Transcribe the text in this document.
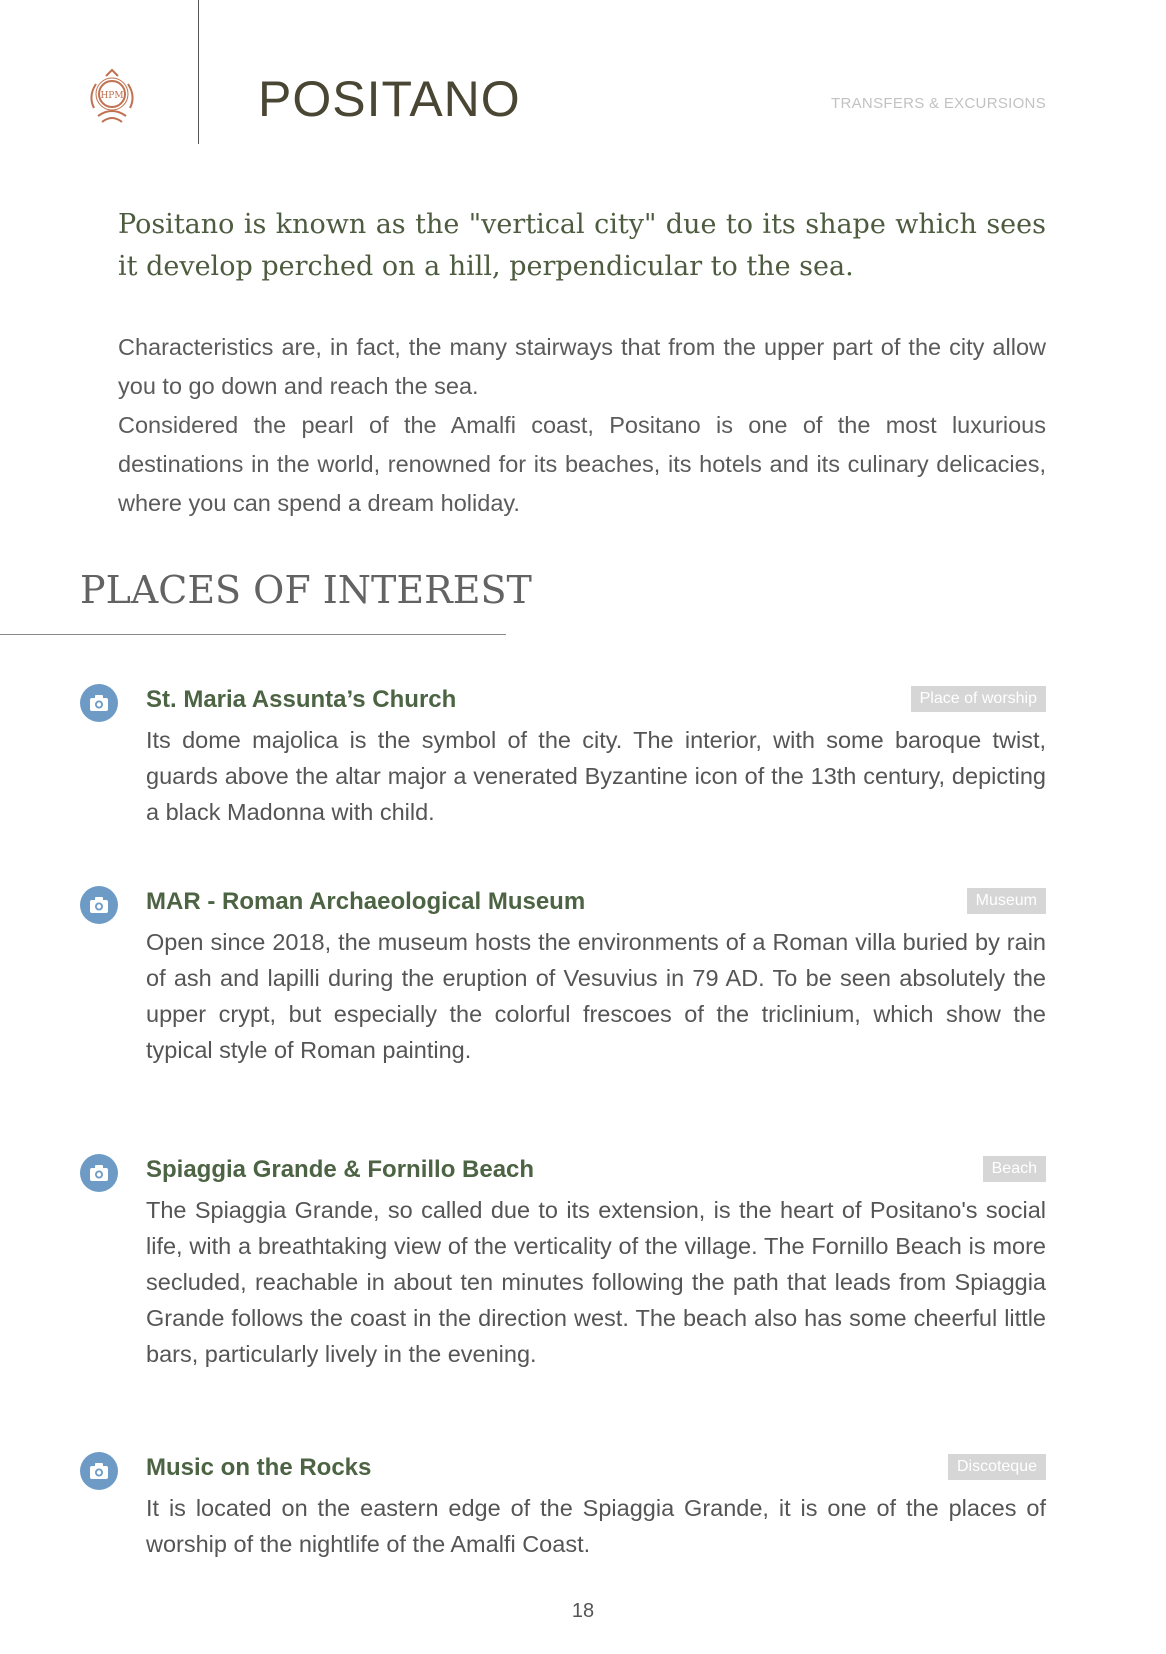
HPM	POSITANO	TRANSFERS & EXCURSIONS
Positano is known as the "vertical city" due to its shape which sees it develop perched on a hill, perpendicular to the sea.

Characteristics are, in fact, the many stairways that from the upper part of the city allow you to go down and reach the sea.

Considered the pearl of the Amalfi coast, Positano is one of the most luxurious destinations in the world, renowned for its beaches, its hotels and its culinary delicacies, where you can spend a dream holiday.

PLACES OF INTEREST
St. Maria Assunta’s Church	Place of worship
Its dome majolica is the symbol of the city. The interior, with some baroque twist, guards above the altar major a venerated Byzantine icon of the 13th century, depicting a black Madonna with child.
MAR - Roman Archaeological Museum	Museum
Open since 2018, the museum hosts the environments of a Roman villa buried by rain of ash and lapilli during the eruption of Vesuvius in 79 AD. To be seen absolutely the upper crypt, but especially the colorful frescoes of the triclinium, which show the typical style of Roman painting.
Spiaggia Grande & Fornillo Beach	Beach
The Spiaggia Grande, so called due to its extension, is the heart of Positano's social life, with a breathtaking view of the verticality of the village. The Fornillo Beach is more secluded, reachable in about ten minutes following the path that leads from Spiaggia Grande follows the coast in the direction west. The beach also has some cheerful little bars, particularly lively in the evening.
Music on the Rocks	Discoteque
It is located on the eastern edge of the Spiaggia Grande, it is one of the places of worship of the nightlife of the Amalfi Coast.
18
